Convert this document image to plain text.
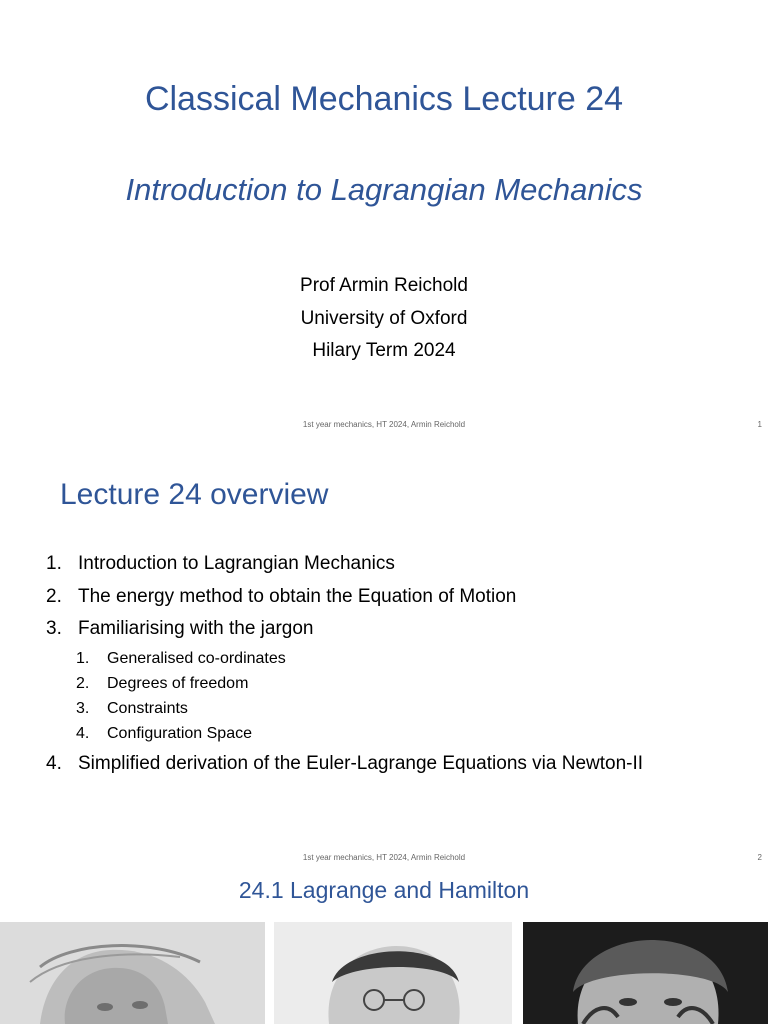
Classical Mechanics Lecture 24
Introduction to Lagrangian Mechanics
Prof Armin Reichold
University of Oxford
Hilary Term 2024
1st year mechanics, HT 2024, Armin Reichold	1
Lecture 24 overview
1. Introduction to Lagrangian Mechanics
2. The energy method to obtain the Equation of Motion
3. Familiarising with the jargon
1.	Generalised co-ordinates
2.	Degrees of freedom
3.	Constraints
4.	Configuration Space
4. Simplified derivation of the Euler-Lagrange Equations via Newton-II
1st year mechanics, HT 2024, Armin Reichold	2
24.1 Lagrange and Hamilton
